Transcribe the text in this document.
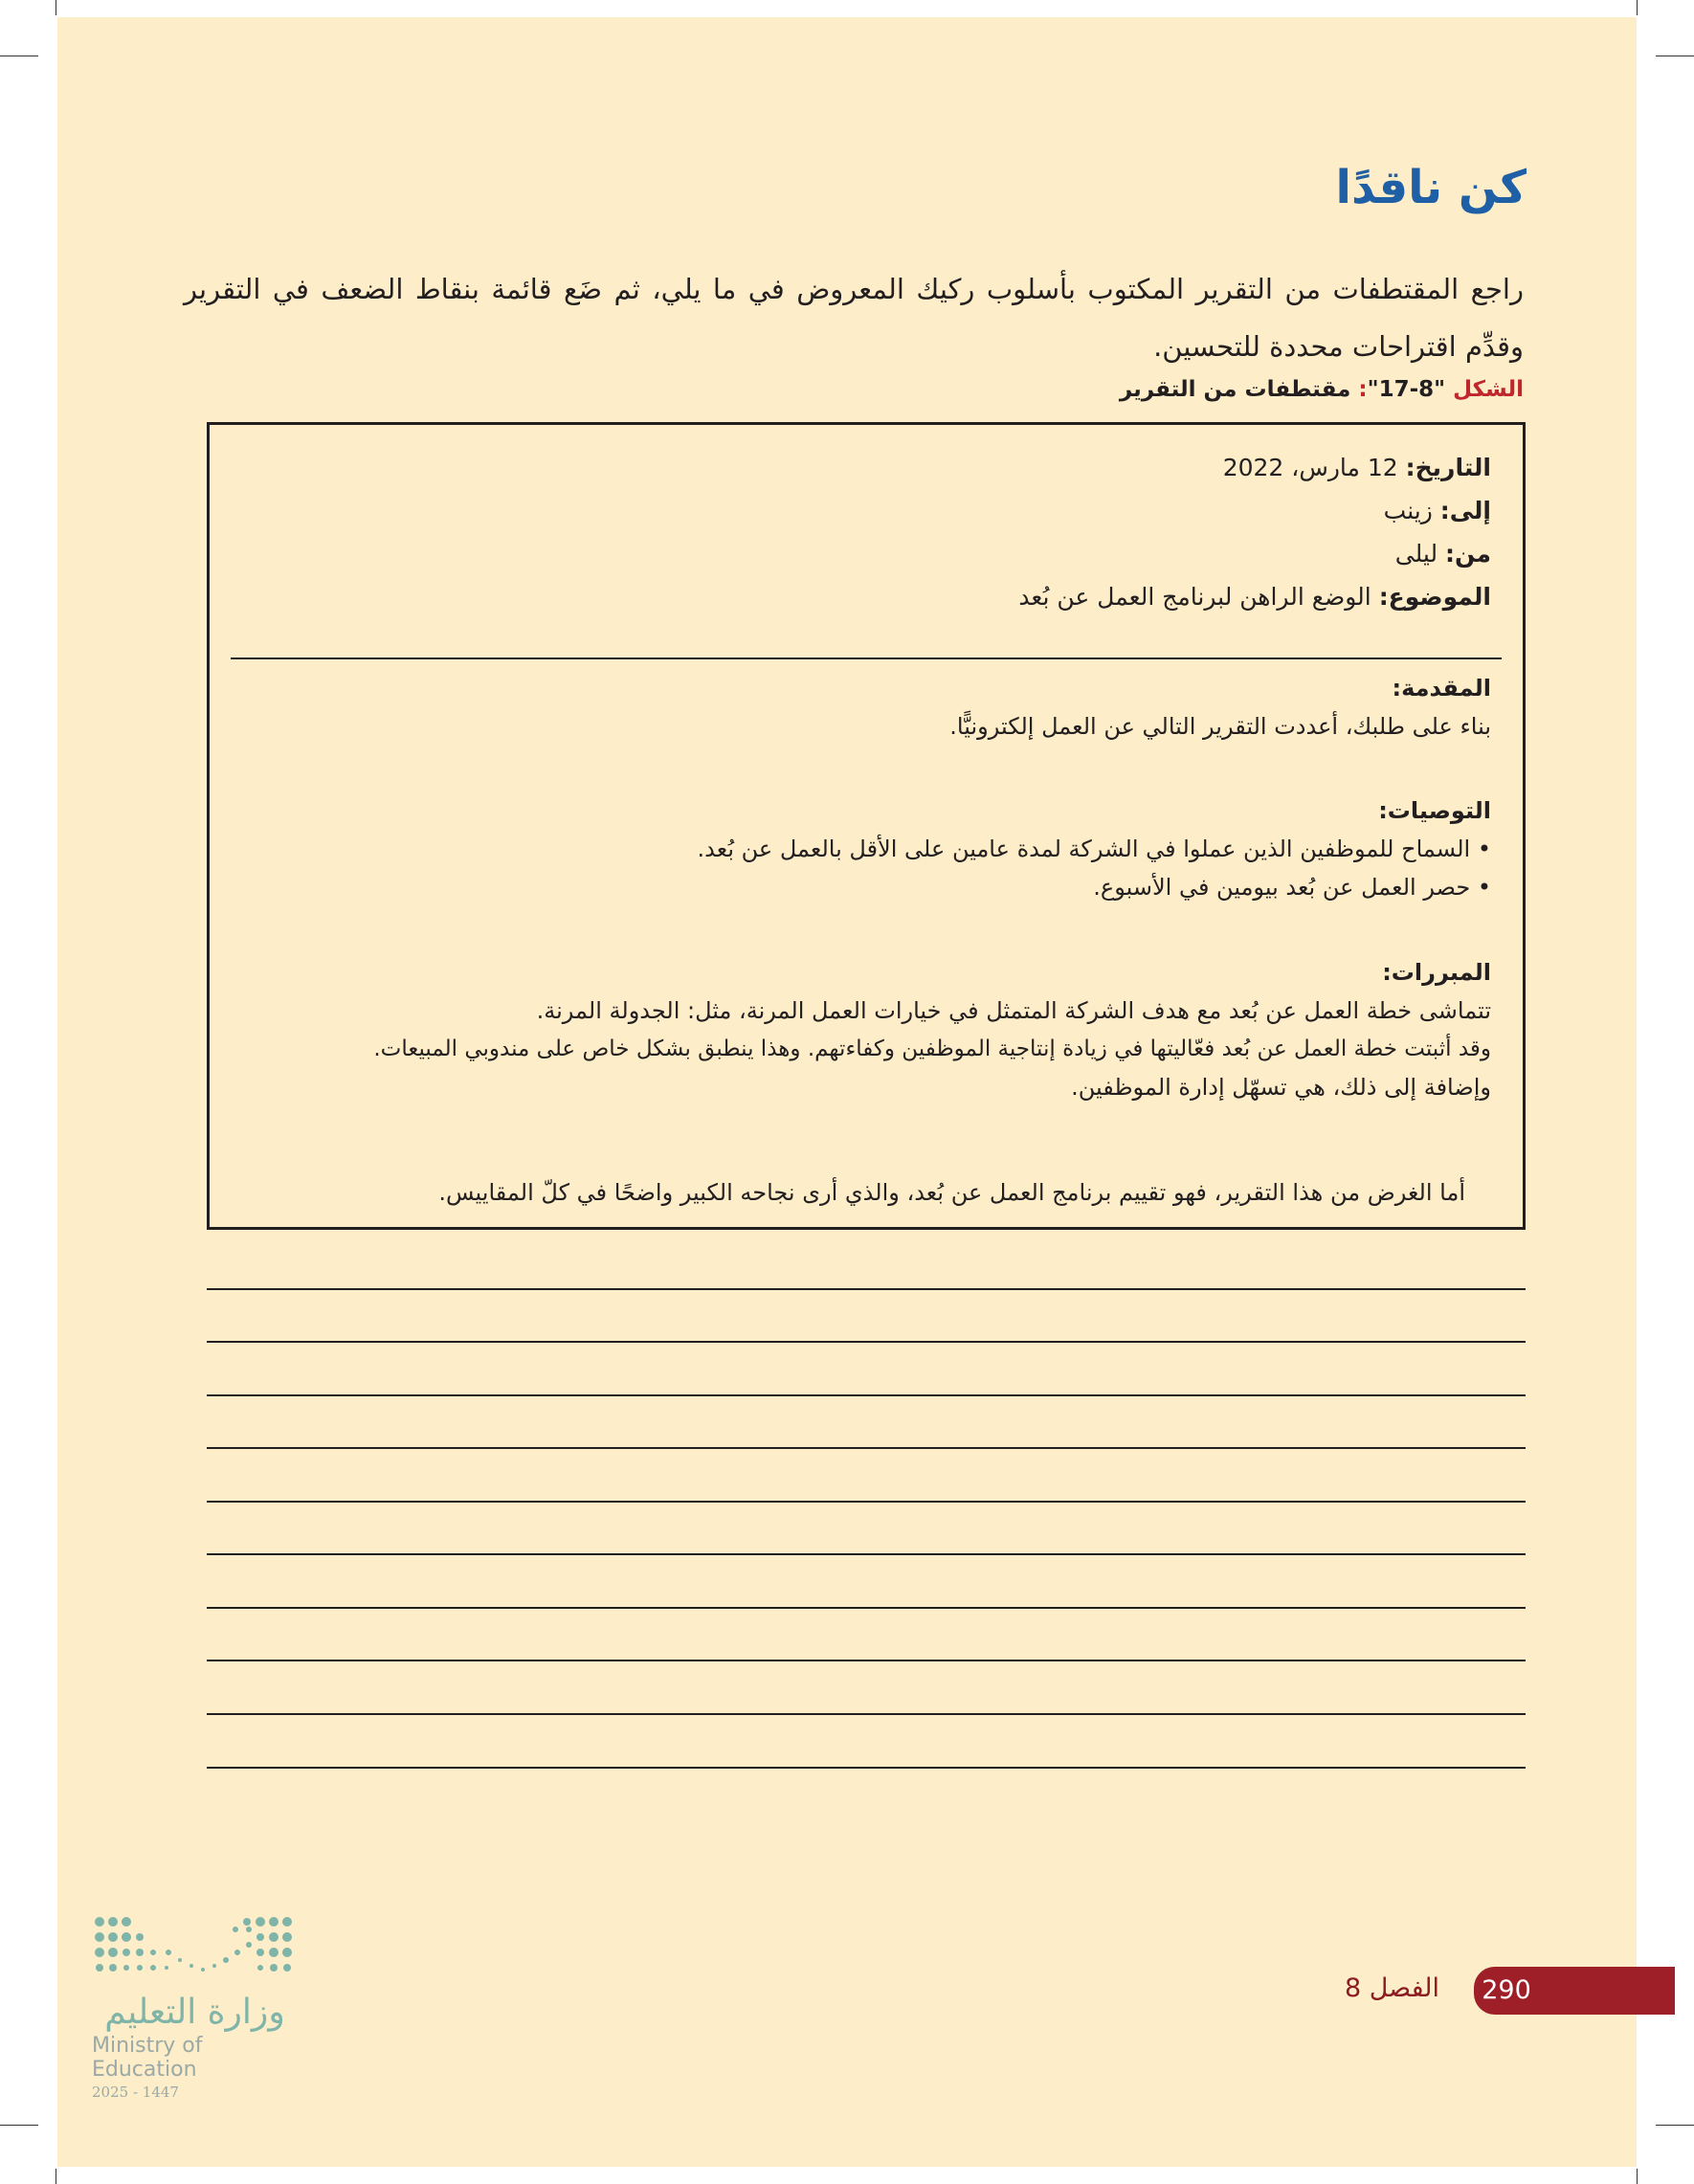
كن ناقدًا
راجع المقتطفات من التقرير المكتوب بأسلوب ركيك المعروض في ما يلي، ثم ضَع قائمة بنقاط الضعف في التقرير وقدِّم اقتراحات محددة للتحسين.
الشكل "8-17": مقتطفات من التقرير
التاريخ: 12 مارس، 2022
إلى: زينب
من: ليلى
الموضوع: الوضع الراهن لبرنامج العمل عن بُعد
المقدمة:
بناء على طلبك، أعددت التقرير التالي عن العمل إلكترونيًّا.
التوصيات:
• السماح للموظفين الذين عملوا في الشركة لمدة عامين على الأقل بالعمل عن بُعد.
• حصر العمل عن بُعد بيومين في الأسبوع.
المبررات:
تتماشى خطة العمل عن بُعد مع هدف الشركة المتمثل في خيارات العمل المرنة، مثل: الجدولة المرنة.
وقد أثبتت خطة العمل عن بُعد فعّاليتها في زيادة إنتاجية الموظفين وكفاءتهم. وهذا ينطبق بشكل خاص على مندوبي المبيعات.
وإضافة إلى ذلك، هي تسهّل إدارة الموظفين.
أما الغرض من هذا التقرير، فهو تقييم برنامج العمل عن بُعد، والذي أرى نجاحه الكبير واضحًا في كلّ المقاييس.
وزارة التعليم
Ministry of Education
2025 - 1447
الفصل 8 290
